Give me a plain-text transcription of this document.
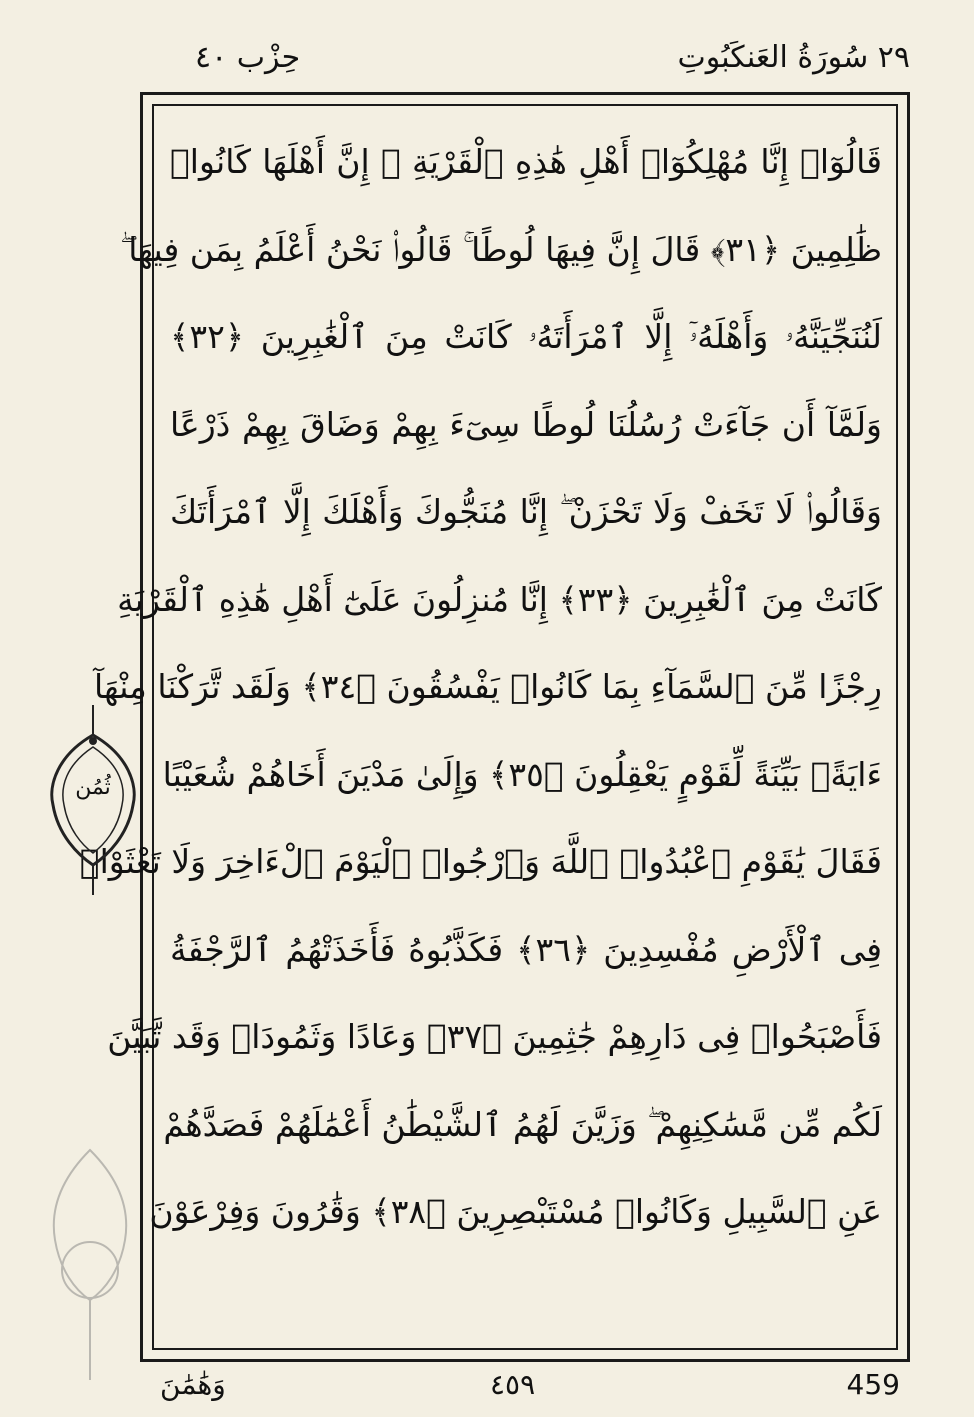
حِزْب ٤٠	٢٩ سُورَةُ العَنكَبُوتِ
قَالُوٓا۟ إِنَّا مُهْلِكُوٓا۟ أَهْلِ هَٰذِهِ ٱلْقَرْيَةِ ۖ إِنَّ أَهْلَهَا كَانُوا۟
ظَٰلِمِينَ ﴿٣١﴾ قَالَ إِنَّ فِيهَا لُوطًا ۚ قَالُوا۟ نَحْنُ أَعْلَمُ بِمَن فِيهَا ۖ
لَنُنَجِّيَنَّهُۥ وَأَهْلَهُۥٓ إِلَّا ٱمْرَأَتَهُۥ كَانَتْ مِنَ ٱلْغَٰبِرِينَ ﴿٣٢﴾
وَلَمَّآ أَن جَآءَتْ رُسُلُنَا لُوطًا سِىٓءَ بِهِمْ وَضَاقَ بِهِمْ ذَرْعًا
وَقَالُوا۟ لَا تَخَفْ وَلَا تَحْزَنْ ۖ إِنَّا مُنَجُّوكَ وَأَهْلَكَ إِلَّا ٱمْرَأَتَكَ
كَانَتْ مِنَ ٱلْغَٰبِرِينَ ﴿٣٣﴾ إِنَّا مُنزِلُونَ عَلَىٰٓ أَهْلِ هَٰذِهِ ٱلْقَرْيَةِ
رِجْزًا مِّنَ ٱلسَّمَآءِ بِمَا كَانُوا۟ يَفْسُقُونَ ﴿٣٤﴾ وَلَقَد تَّرَكْنَا مِنْهَآ
ءَايَةًۢ بَيِّنَةً لِّقَوْمٍ يَعْقِلُونَ ﴿٣٥﴾ وَإِلَىٰ مَدْيَنَ أَخَاهُمْ شُعَيْبًا
فَقَالَ يَٰقَوْمِ ٱعْبُدُوا۟ ٱللَّهَ وَٱرْجُوا۟ ٱلْيَوْمَ ٱلْءَاخِرَ وَلَا تَعْثَوْا۟
فِى ٱلْأَرْضِ مُفْسِدِينَ ﴿٣٦﴾ فَكَذَّبُوهُ فَأَخَذَتْهُمُ ٱلرَّجْفَةُ
فَأَصْبَحُوا۟ فِى دَارِهِمْ جَٰثِمِينَ ﴿٣٧﴾ وَعَادًا وَثَمُودَا۟ وَقَد تَّبَيَّنَ
لَكُم مِّن مَّسَٰكِنِهِمْ ۖ وَزَيَّنَ لَهُمُ ٱلشَّيْطَٰنُ أَعْمَٰلَهُمْ فَصَدَّهُمْ
عَنِ ٱلسَّبِيلِ وَكَانُوا۟ مُسْتَبْصِرِينَ ﴿٣٨﴾ وَقَٰرُونَ وَفِرْعَوْنَ
ثُمُن
وَهَٰمَٰنَ	٤٥٩	459
